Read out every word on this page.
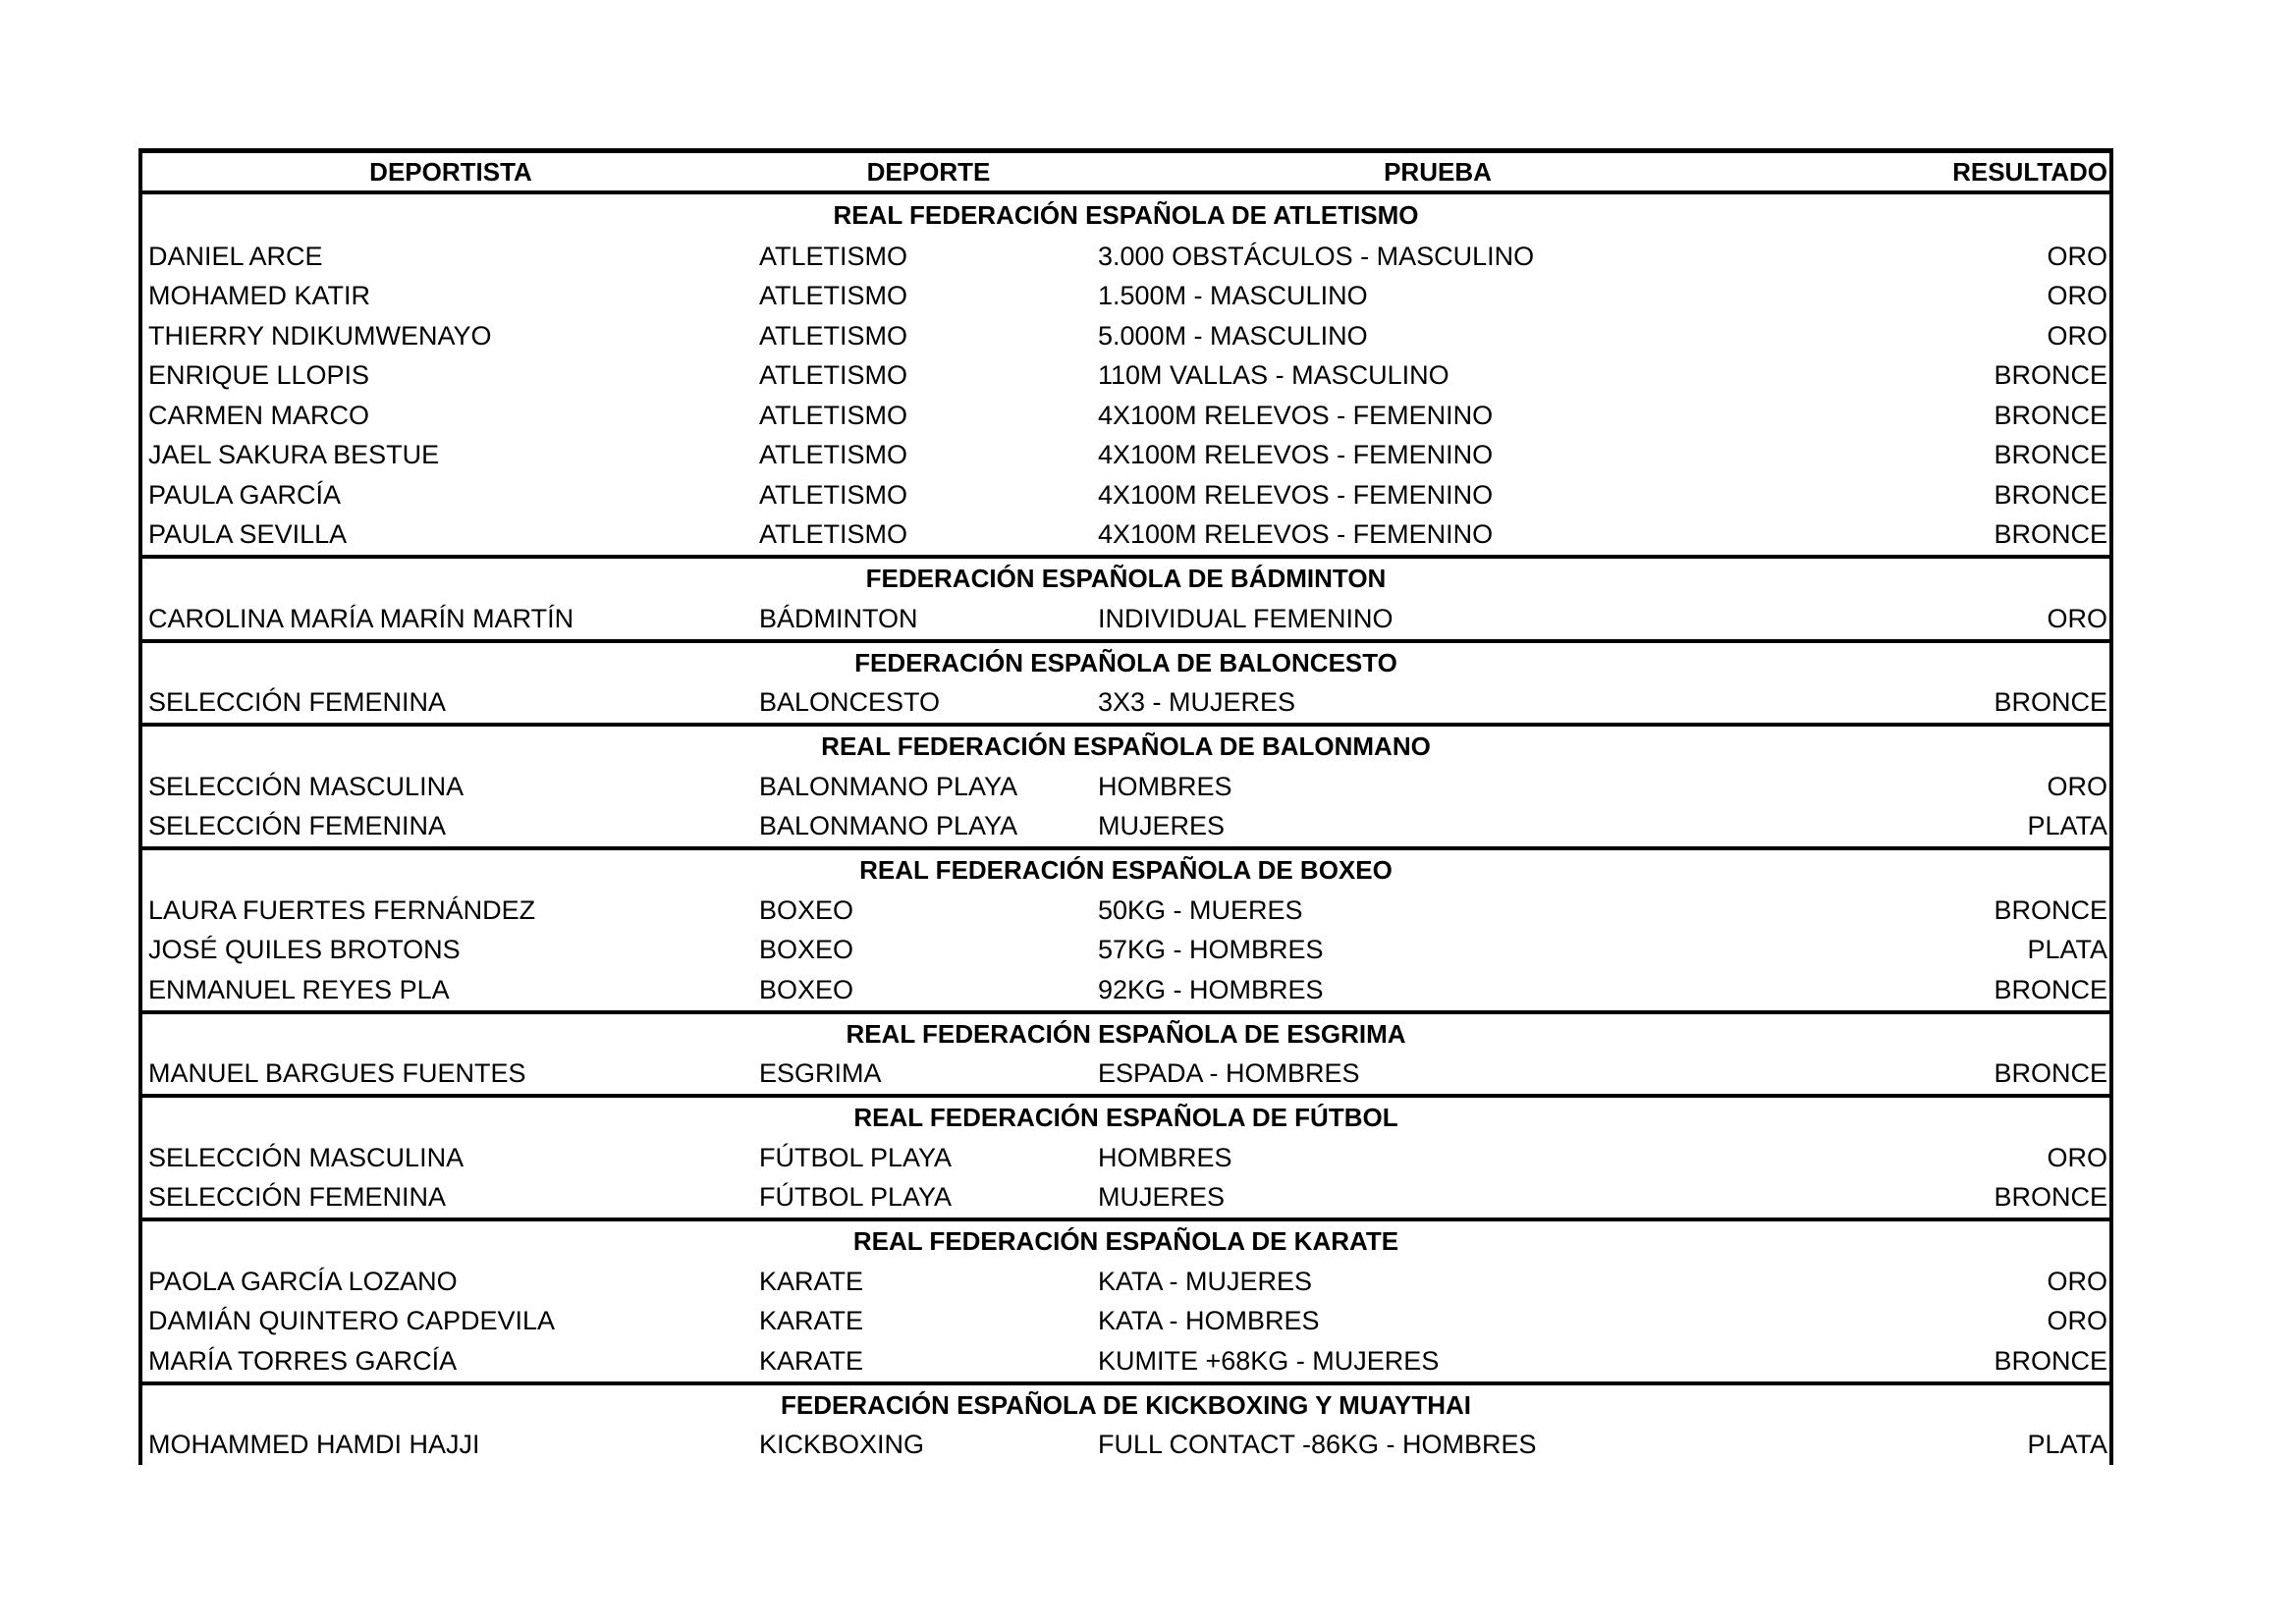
DEPORTISTA	DEPORTE	PRUEBA	RESULTADO
REAL FEDERACIÓN ESPAÑOLA DE ATLETISMO			
DANIEL ARCE	ATLETISMO	3.000 OBSTÁCULOS - MASCULINO	ORO
MOHAMED KATIR	ATLETISMO	1.500M - MASCULINO	ORO
THIERRY NDIKUMWENAYO	ATLETISMO	5.000M - MASCULINO	ORO
ENRIQUE LLOPIS	ATLETISMO	110M VALLAS - MASCULINO	BRONCE
CARMEN MARCO	ATLETISMO	4X100M RELEVOS - FEMENINO	BRONCE
JAEL SAKURA BESTUE	ATLETISMO	4X100M RELEVOS - FEMENINO	BRONCE
PAULA GARCÍA	ATLETISMO	4X100M RELEVOS - FEMENINO	BRONCE
PAULA SEVILLA	ATLETISMO	4X100M RELEVOS - FEMENINO	BRONCE
FEDERACIÓN ESPAÑOLA DE BÁDMINTON			
CAROLINA MARÍA MARÍN MARTÍN	BÁDMINTON	INDIVIDUAL FEMENINO	ORO
FEDERACIÓN ESPAÑOLA DE BALONCESTO			
SELECCIÓN FEMENINA	BALONCESTO	3X3 - MUJERES	BRONCE
REAL FEDERACIÓN ESPAÑOLA DE BALONMANO			
SELECCIÓN MASCULINA	BALONMANO PLAYA	HOMBRES	ORO
SELECCIÓN FEMENINA	BALONMANO PLAYA	MUJERES	PLATA
REAL FEDERACIÓN ESPAÑOLA DE BOXEO			
LAURA FUERTES FERNÁNDEZ	BOXEO	50KG - MUERES	BRONCE
JOSÉ QUILES BROTONS	BOXEO	57KG - HOMBRES	PLATA
ENMANUEL REYES PLA	BOXEO	92KG - HOMBRES	BRONCE
REAL FEDERACIÓN ESPAÑOLA DE ESGRIMA			
MANUEL BARGUES FUENTES	ESGRIMA	ESPADA - HOMBRES	BRONCE
REAL FEDERACIÓN ESPAÑOLA DE FÚTBOL			
SELECCIÓN MASCULINA	FÚTBOL PLAYA	HOMBRES	ORO
SELECCIÓN FEMENINA	FÚTBOL PLAYA	MUJERES	BRONCE
REAL FEDERACIÓN ESPAÑOLA DE KARATE			
PAOLA GARCÍA LOZANO	KARATE	KATA - MUJERES	ORO
DAMIÁN QUINTERO CAPDEVILA	KARATE	KATA - HOMBRES	ORO
MARÍA TORRES GARCÍA	KARATE	KUMITE +68KG - MUJERES	BRONCE
FEDERACIÓN ESPAÑOLA DE KICKBOXING Y MUAYTHAI			
MOHAMMED HAMDI HAJJI	KICKBOXING	FULL CONTACT -86KG - HOMBRES	PLATA
